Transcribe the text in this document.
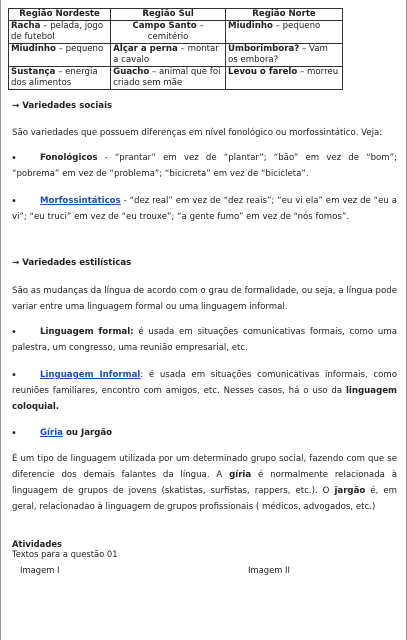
Região Nordeste	Região Sul	Região Norte
Racha – pelada, jogo de futebol	Campo Santo – cemitério	Miudinho – pequeno
Miudinho – pequeno	Alçar a perna – montar a cavalo	Umborimbora? – Vam os embora?
Sustança – energia dos alimentos	Guacho – animal que foi criado sem mãe	Levou o farelo – morreu

→ Variedades sociais

São variedades que possuem diferenças em nível fonológico ou morfossintático. Veja:

•	Fonológicos - “prantar” em vez de “plantar”; “bão” em vez de “bom”; “pobrema” em vez de “problema”; “bicicreta” em vez de “bicicleta”.

•	Morfossintáticos - “dez real” em vez de “dez reais”; “eu vi ela” em vez de “eu a vi”; “eu truci” em vez de “eu trouxe”; “a gente fumo” em vez de “nós fomos”.

→ Variedades estilísticas

São as mudanças da língua de acordo com o grau de formalidade, ou seja, a língua pode variar entre uma linguagem formal ou uma linguagem informal.

•	Linguagem formal: é usada em situações comunicativas formais, como uma palestra, um congresso, uma reunião empresarial, etc.

•	Linguagem Informal: é usada em situações comunicativas informais, como reuniões familiares, encontro com amigos, etc. Nesses casos, há o uso da linguagem coloquial.

•	Gíria ou Jargão

É um tipo de linguagem utilizada por um determinado grupo social, fazendo com que se diferencie dos demais falantes da língua. A gíria é normalmente relacionada à linguagem de grupos de jovens (skatistas, surfistas, rappers, etc.). O jargão é, em geral, relacionadao à linguagem de grupos profissionais ( médicos, advogados, etc.)

Atividades
Textos para a questão 01
Imagem I	Imagem II
